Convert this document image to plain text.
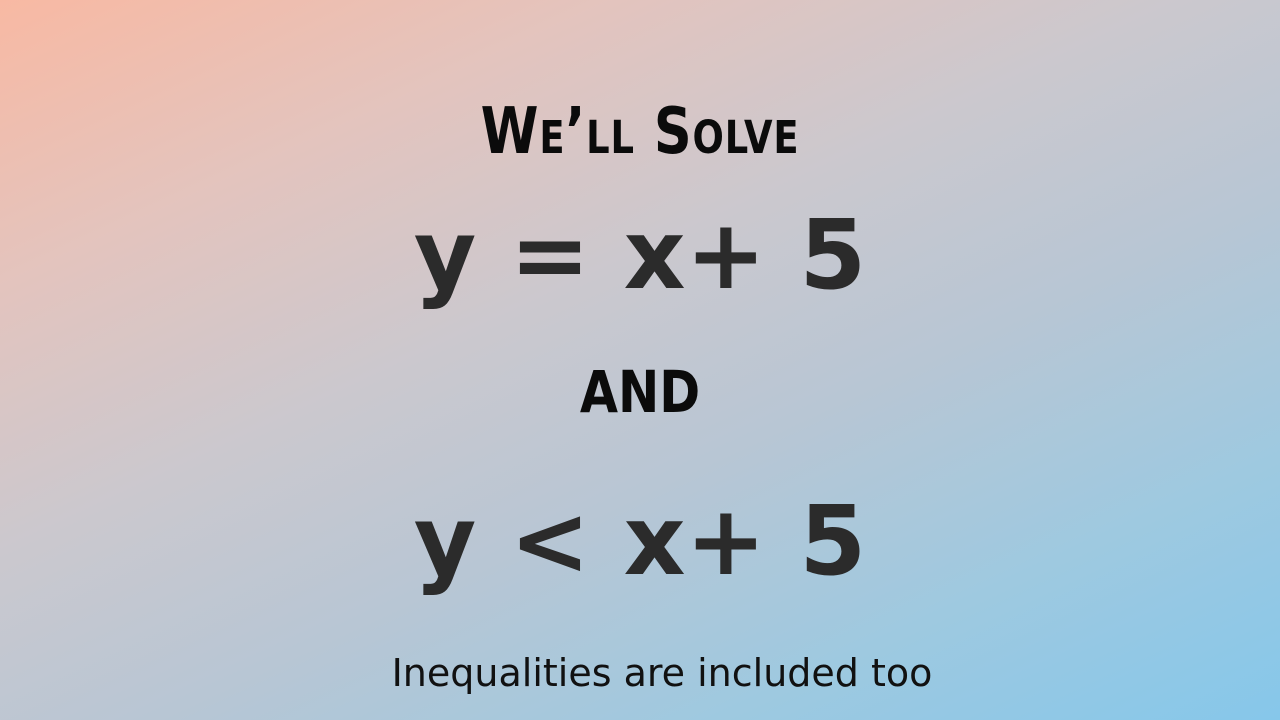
We’ll Solve
y = x+ 5
AND
y < x+ 5
Inequalities are included too
